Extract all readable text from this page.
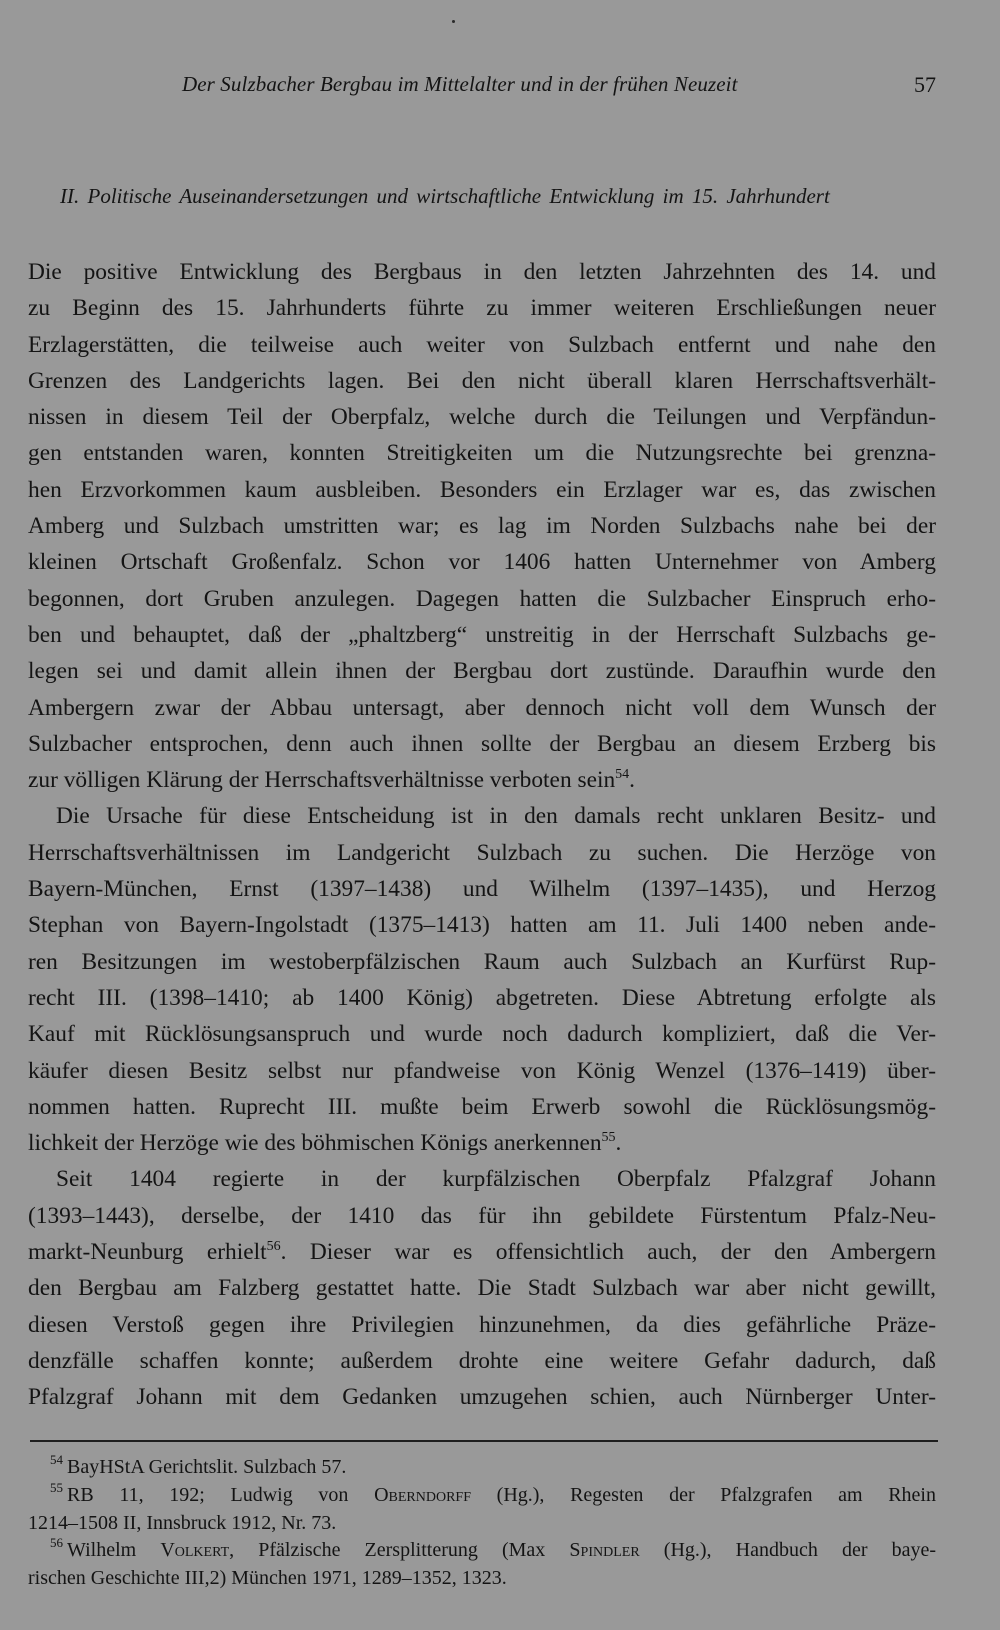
Der Sulzbacher Bergbau im Mittelalter und in der frühen Neuzeit	57
II. Politische Auseinandersetzungen und wirtschaftliche Entwicklung im 15. Jahrhundert
Die positive Entwicklung des Bergbaus in den letzten Jahrzehnten des 14. und
zu Beginn des 15. Jahrhunderts führte zu immer weiteren Erschließungen neuer
Erzlagerstätten, die teilweise auch weiter von Sulzbach entfernt und nahe den
Grenzen des Landgerichts lagen. Bei den nicht überall klaren Herrschaftsverhält-
nissen in diesem Teil der Oberpfalz, welche durch die Teilungen und Verpfändun-
gen entstanden waren, konnten Streitigkeiten um die Nutzungsrechte bei grenzna-
hen Erzvorkommen kaum ausbleiben. Besonders ein Erzlager war es, das zwischen
Amberg und Sulzbach umstritten war; es lag im Norden Sulzbachs nahe bei der
kleinen Ortschaft Großenfalz. Schon vor 1406 hatten Unternehmer von Amberg
begonnen, dort Gruben anzulegen. Dagegen hatten die Sulzbacher Einspruch erho-
ben und behauptet, daß der „phaltzberg“ unstreitig in der Herrschaft Sulzbachs ge-
legen sei und damit allein ihnen der Bergbau dort zustünde. Daraufhin wurde den
Ambergern zwar der Abbau untersagt, aber dennoch nicht voll dem Wunsch der
Sulzbacher entsprochen, denn auch ihnen sollte der Bergbau an diesem Erzberg bis
zur völligen Klärung der Herrschaftsverhältnisse verboten sein$^{54}$.
Die Ursache für diese Entscheidung ist in den damals recht unklaren Besitz- und
Herrschaftsverhältnissen im Landgericht Sulzbach zu suchen. Die Herzöge von
Bayern-München, Ernst (1397–1438) und Wilhelm (1397–1435), und Herzog
Stephan von Bayern-Ingolstadt (1375–1413) hatten am 11. Juli 1400 neben ande-
ren Besitzungen im westoberpfälzischen Raum auch Sulzbach an Kurfürst Rup-
recht III. (1398–1410; ab 1400 König) abgetreten. Diese Abtretung erfolgte als
Kauf mit Rücklösungsanspruch und wurde noch dadurch kompliziert, daß die Ver-
käufer diesen Besitz selbst nur pfandweise von König Wenzel (1376–1419) über-
nommen hatten. Ruprecht III. mußte beim Erwerb sowohl die Rücklösungsmög-
lichkeit der Herzöge wie des böhmischen Königs anerkennen$^{55}$.
Seit 1404 regierte in der kurpfälzischen Oberpfalz Pfalzgraf Johann
(1393–1443), derselbe, der 1410 das für ihn gebildete Fürstentum Pfalz-Neu-
markt-Neunburg erhielt$^{56}$. Dieser war es offensichtlich auch, der den Ambergern
den Bergbau am Falzberg gestattet hatte. Die Stadt Sulzbach war aber nicht gewillt,
diesen Verstoß gegen ihre Privilegien hinzunehmen, da dies gefährliche Präze-
denzfälle schaffen konnte; außerdem drohte eine weitere Gefahr dadurch, daß
Pfalzgraf Johann mit dem Gedanken umzugehen schien, auch Nürnberger Unter-
$^{54}$ BayHStA Gerichtslit. Sulzbach 57.
$^{55}$ RB 11, 192; Ludwig von Oberndorff (Hg.), Regesten der Pfalzgrafen am Rhein
1214–1508 II, Innsbruck 1912, Nr. 73.
$^{56}$ Wilhelm Volkert, Pfälzische Zersplitterung (Max Spindler (Hg.), Handbuch der baye-
rischen Geschichte III,2) München 1971, 1289–1352, 1323.
